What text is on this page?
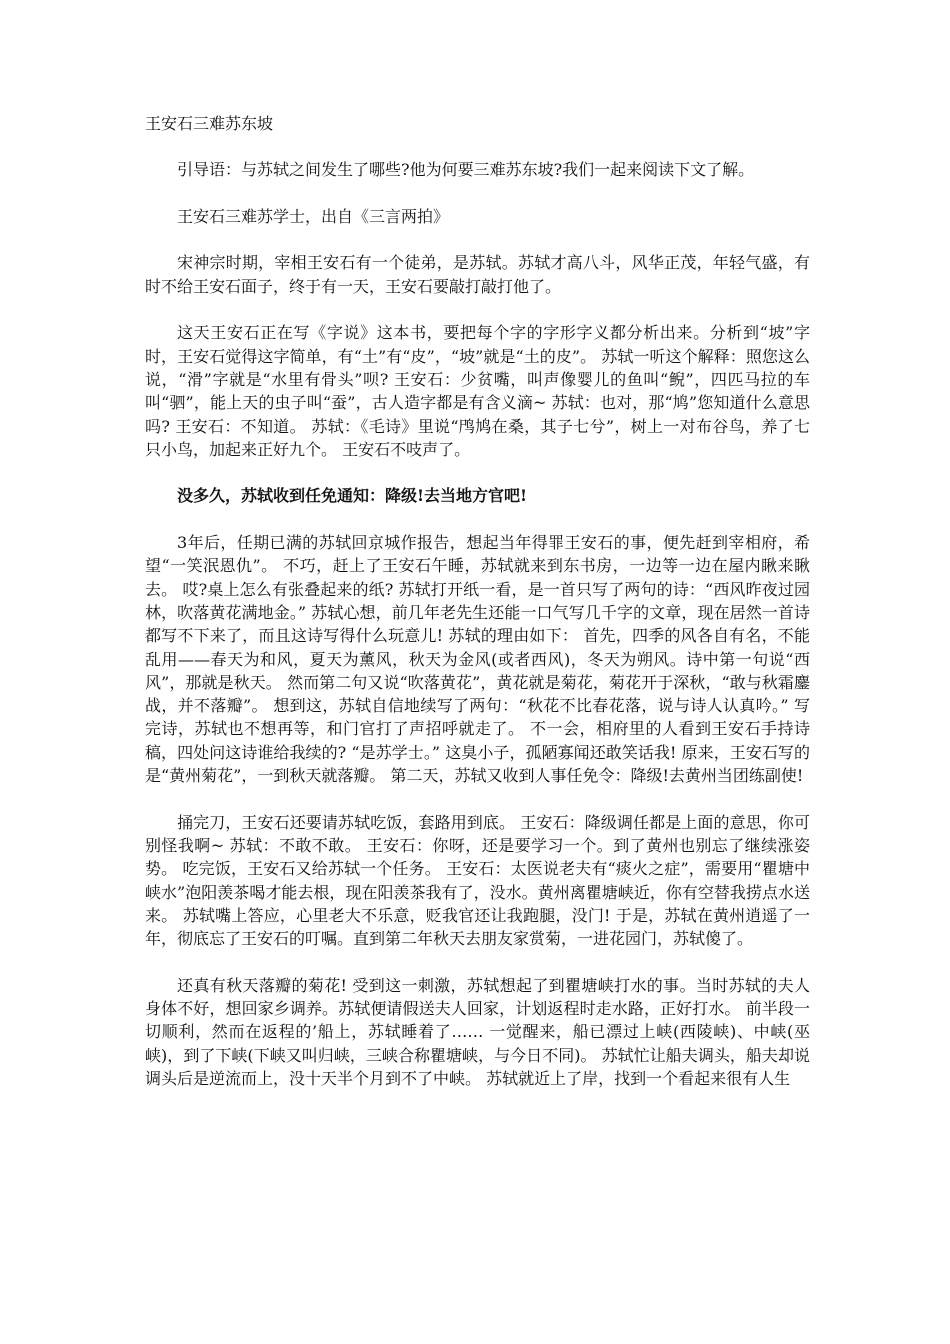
王安石三难苏东坡

引导语：与苏轼之间发生了哪些?他为何要三难苏东坡?我们一起来阅读下文了解。

王安石三难苏学士，出自《三言两拍》

宋神宗时期，宰相王安石有一个徒弟，是苏轼。苏轼才高八斗，风华正茂，年轻气盛，有时不给王安石面子，终于有一天，王安石要敲打敲打他了。

这天王安石正在写《字说》这本书，要把每个字的字形字义都分析出来。分析到“坡”字时，王安石觉得这字简单，有“土”有“皮”，“坡”就是“土的皮”。 苏轼一听这个解释：照您这么说，“滑”字就是“水里有骨头”呗? 王安石：少贫嘴，叫声像婴儿的鱼叫“鲵”，四匹马拉的车叫“驷”，能上天的虫子叫“蚕”，古人造字都是有含义滴~ 苏轼：也对，那“鸠”您知道什么意思吗? 王安石：不知道。 苏轼：《毛诗》里说“鸤鸠在桑，其子七兮”，树上一对布谷鸟，养了七只小鸟，加起来正好九个。 王安石不吱声了。

没多久，苏轼收到任免通知：降级!去当地方官吧!

3年后，任期已满的苏轼回京城作报告，想起当年得罪王安石的事，便先赶到宰相府，希望“一笑泯恩仇”。 不巧，赶上了王安石午睡，苏轼就来到东书房，一边等一边在屋内瞅来瞅去。 哎?桌上怎么有张叠起来的纸? 苏轼打开纸一看，是一首只写了两句的诗：“西风昨夜过园林，吹落黄花满地金。” 苏轼心想，前几年老先生还能一口气写几千字的文章，现在居然一首诗都写不下来了，而且这诗写得什么玩意儿! 苏轼的理由如下： 首先，四季的风各自有名，不能乱用——春天为和风，夏天为薰风，秋天为金风(或者西风)，冬天为朔风。诗中第一句说“西风”，那就是秋天。 然而第二句又说“吹落黄花”，黄花就是菊花，菊花开于深秋，“敢与秋霜鏖战，并不落瓣”。 想到这，苏轼自信地续写了两句：“秋花不比春花落，说与诗人认真吟。” 写完诗，苏轼也不想再等，和门官打了声招呼就走了。 不一会，相府里的人看到王安石手持诗稿，四处问这诗谁给我续的? “是苏学士。” 这臭小子，孤陋寡闻还敢笑话我! 原来，王安石写的是“黄州菊花”，一到秋天就落瓣。 第二天，苏轼又收到人事任免令：降级!去黄州当团练副使!

捅完刀，王安石还要请苏轼吃饭，套路用到底。 王安石：降级调任都是上面的意思，你可别怪我啊~ 苏轼：不敢不敢。 王安石：你呀，还是要学习一个。到了黄州也别忘了继续涨姿势。 吃完饭，王安石又给苏轼一个任务。 王安石：太医说老夫有“痰火之症”，需要用“瞿塘中峡水”泡阳羡茶喝才能去根，现在阳羡茶我有了，没水。黄州离瞿塘峡近，你有空替我捞点水送来。 苏轼嘴上答应，心里老大不乐意，贬我官还让我跑腿，没门! 于是，苏轼在黄州逍遥了一年，彻底忘了王安石的叮嘱。直到第二年秋天去朋友家赏菊，一进花园门，苏轼傻了。

还真有秋天落瓣的菊花! 受到这一刺激，苏轼想起了到瞿塘峡打水的事。当时苏轼的夫人身体不好，想回家乡调养。苏轼便请假送夫人回家，计划返程时走水路，正好打水。 前半段一切顺利，然而在返程的’船上，苏轼睡着了…… 一觉醒来，船已漂过上峡(西陵峡)、中峡(巫峡)，到了下峡(下峡又叫归峡，三峡合称瞿塘峡，与今日不同)。 苏轼忙让船夫调头，船夫却说调头后是逆流而上，没十天半个月到不了中峡。 苏轼就近上了岸，找到一个看起来很有人生
